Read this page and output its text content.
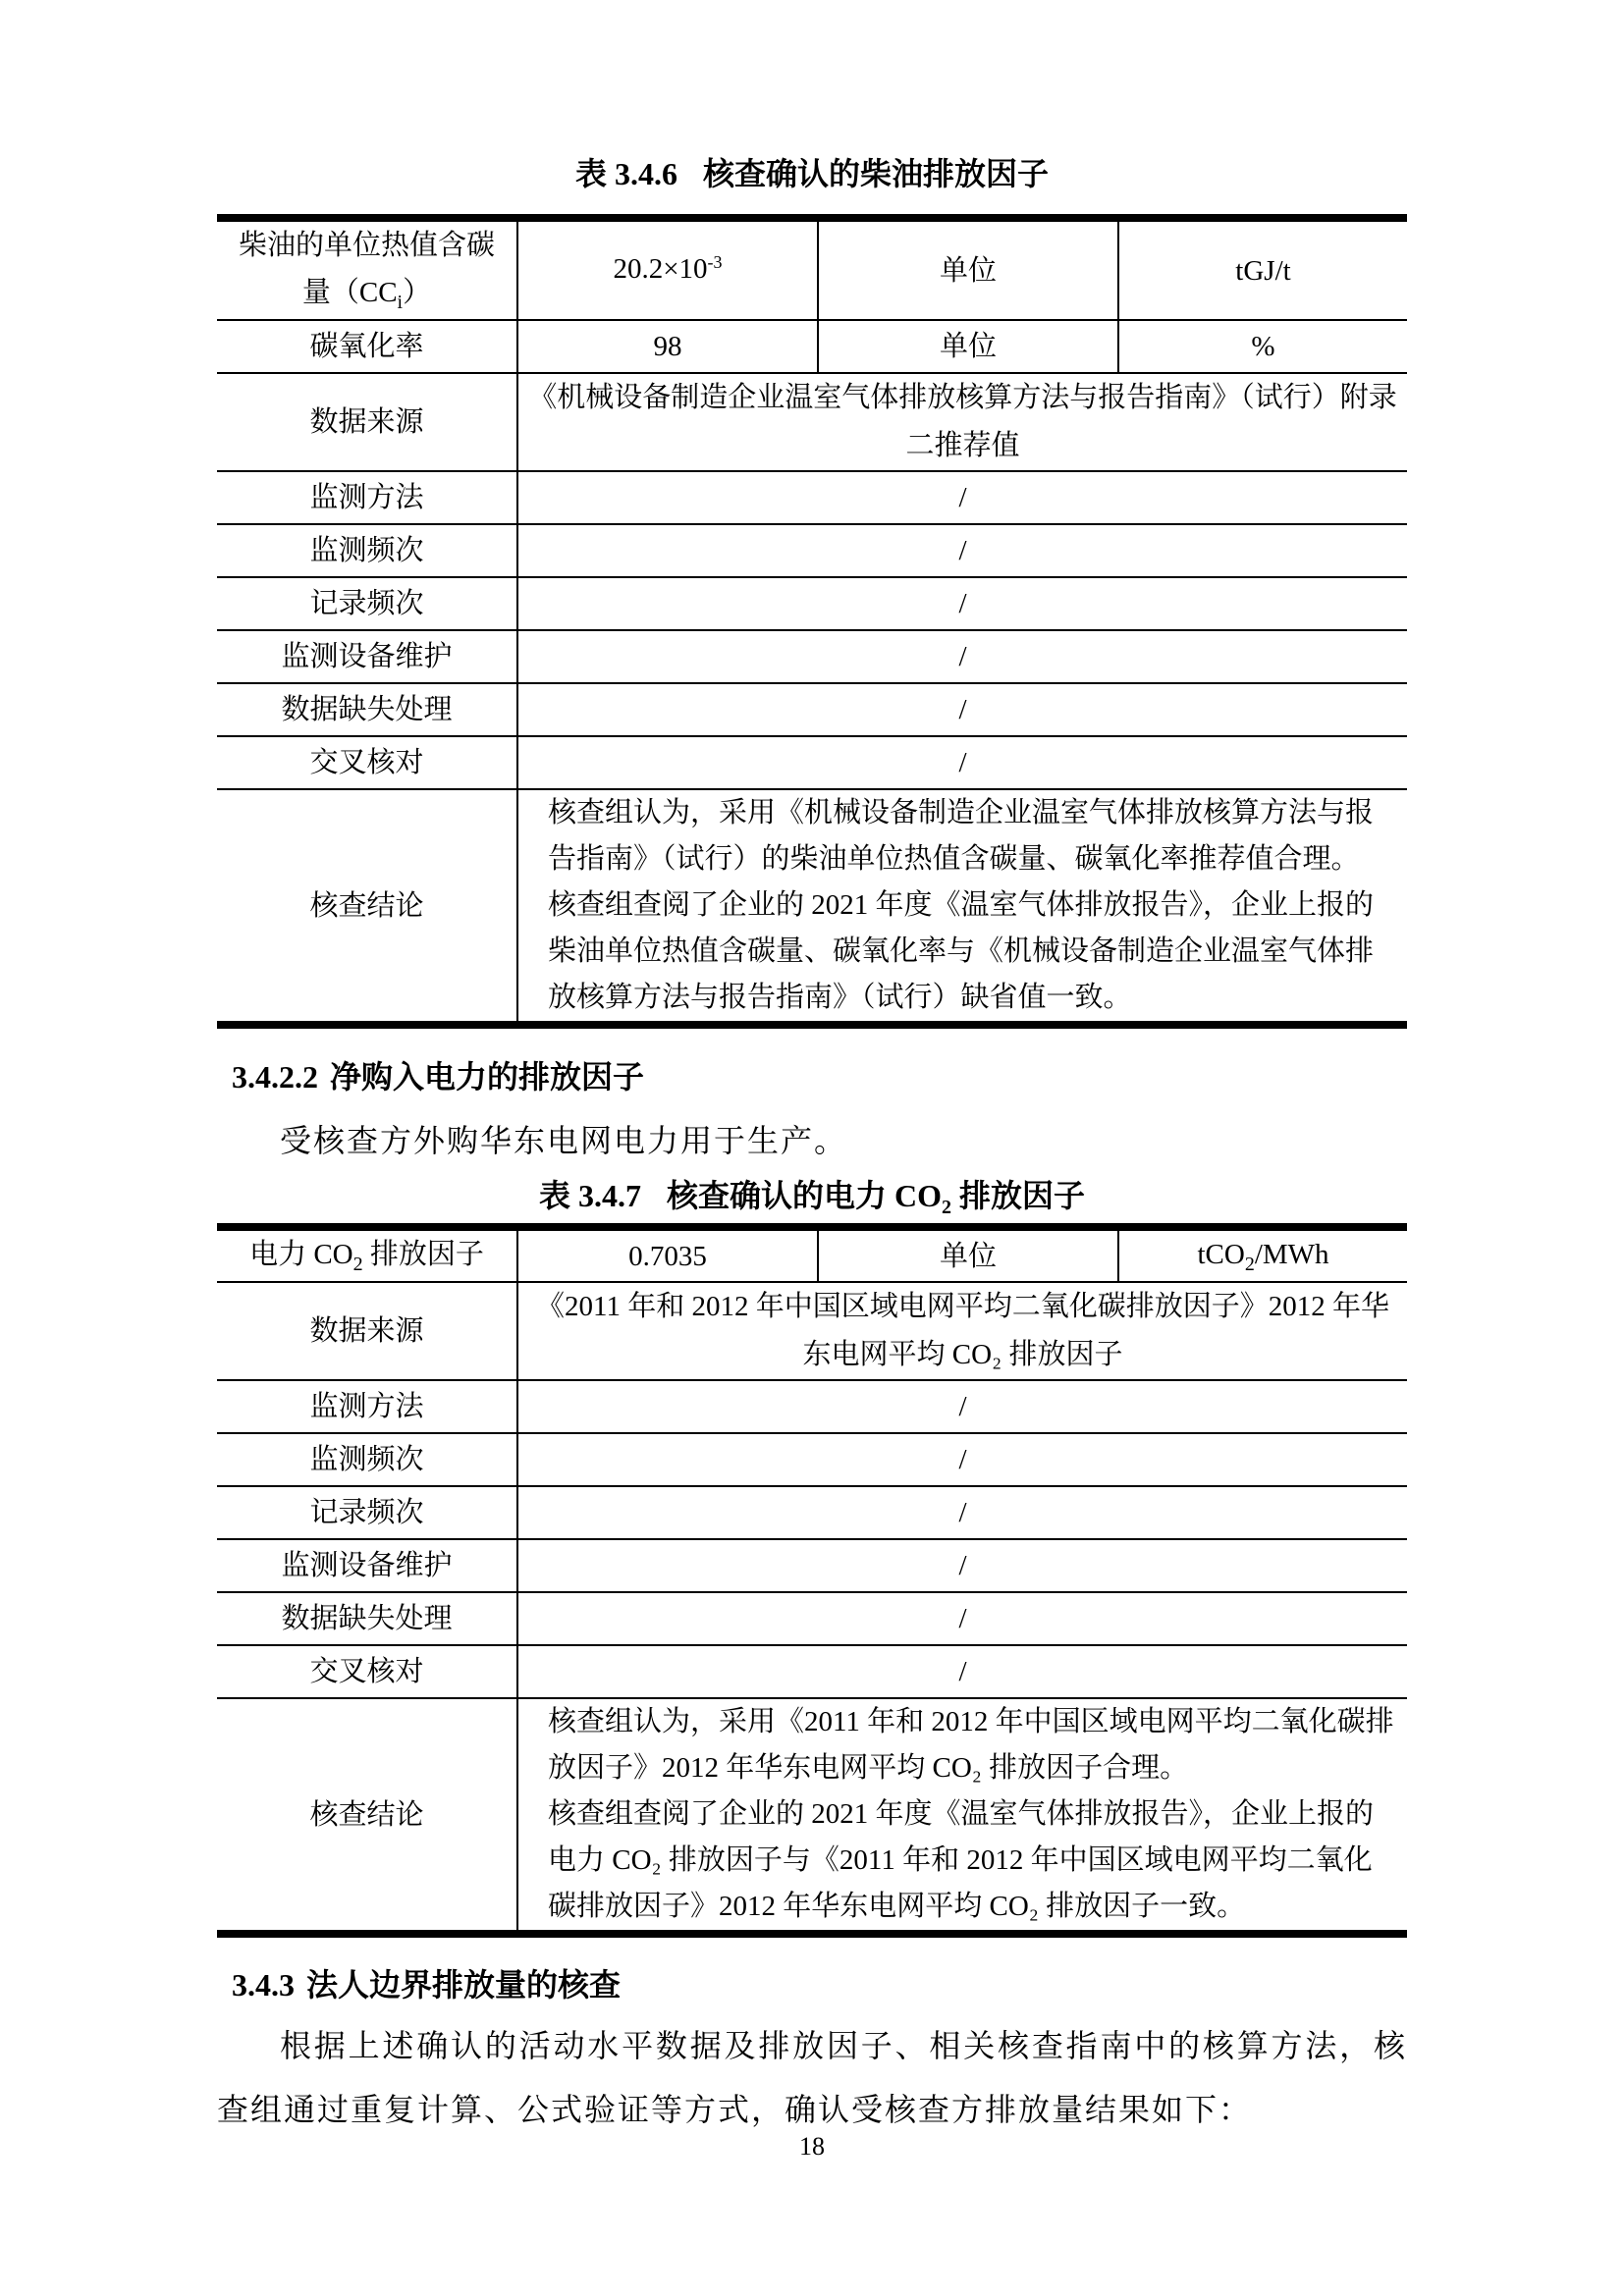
表 3.4.6 核查确认的柴油排放因子
柴油的单位热值含碳
量$(CC_i)$	$20.2\times 10^{-3}$	单位	tGJ/t
碳氧化率	98	单位	%
数据来源	《机械设备制造企业温室气体排放核算方法与报告指南》（试行）附录二推荐值		
监测方法	/		
监测频次	/		
记录频次	/		
监测设备维护	/		
数据缺失处理	/		
交叉核对	/		
核查结论	核查组认为，采用《机械设备制造企业温室气体排放核算方法与报告指南》（试行）的柴油单位热值含碳量、碳氧化率推荐值合理。

核查组查阅了企业的 2021 年度《温室气体排放报告》，企业上报的柴油单位热值含碳量、碳氧化率与《机械设备制造企业温室气体排放核算方法与报告指南》（试行）缺省值一致。		

3.4.2.2 净购入电力的排放因子

受核查方外购华东电网电力用于生产。

表 3.4.7 核查确认的电力 $CO_2$ 排放因子
电力 $CO_2$ 排放因子	0.7035	单位	tCO$_2$/MWh
数据来源	《2011 年和 2012 年中国区域电网平均二氧化碳排放因子》2012 年华东电网平均 CO₂ 排放因子		
监测方法	/		
监测频次	/		
记录频次	/		
监测设备维护	/		
数据缺失处理	/		
交叉核对	/		
核查结论	核查组认为，采用《2011 年和 2012 年中国区域电网平均二氧化碳排放因子》2012 年华东电网平均 CO₂ 排放因子合理。

核查组查阅了企业的 2021 年度《温室气体排放报告》，企业上报的电力 CO₂ 排放因子与《2011 年和 2012 年中国区域电网平均二氧化碳排放因子》2012 年华东电网平均 CO₂ 排放因子一致。		

3.4.3 法人边界排放量的核查

根据上述确认的活动水平数据及排放因子、相关核查指南中的核算方法，核查组通过重复计算、公式验证等方式，确认受核查方排放量结果如下：

18
